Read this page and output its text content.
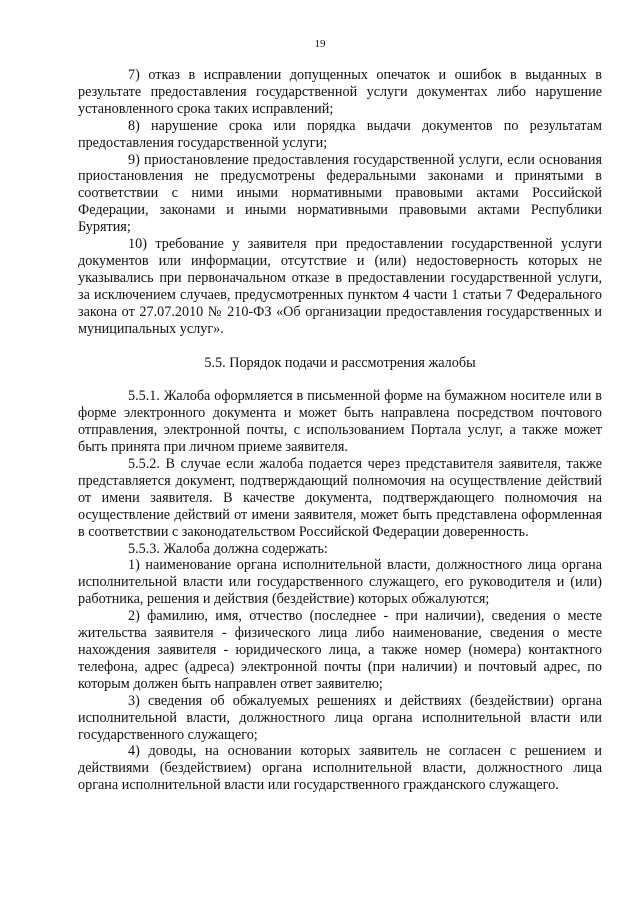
19

7) отказ в исправлении допущенных опечаток и ошибок в выданных в результате предоставления государственной услуги документах либо нарушение установленного срока таких исправлений;

8) нарушение срока или порядка выдачи документов по результатам предоставления государственной услуги;

9) приостановление предоставления государственной услуги, если основания приостановления не предусмотрены федеральными законами и принятыми в соответствии с ними иными нормативными правовыми актами Российской Федерации, законами и иными нормативными правовыми актами Республики Бурятия;

10) требование у заявителя при предоставлении государственной услуги документов или информации, отсутствие и (или) недостоверность которых не указывались при первоначальном отказе в предоставлении государственной услуги, за исключением случаев, предусмотренных пунктом 4 части 1 статьи 7 Федерального закона от 27.07.2010 № 210-ФЗ «Об организации предоставления государственных и муниципальных услуг».

5.5. Порядок подачи и рассмотрения жалобы

5.5.1. Жалоба оформляется в письменной форме на бумажном носителе или в форме электронного документа и может быть направлена посредством почтового отправления, электронной почты, с использованием Портала услуг, а также может быть принята при личном приеме заявителя.

5.5.2. В случае если жалоба подается через представителя заявителя, также представляется документ, подтверждающий полномочия на осуществление действий от имени заявителя. В качестве документа, подтверждающего полномочия на осуществление действий от имени заявителя, может быть представлена оформленная в соответствии с законодательством Российской Федерации доверенность.

5.5.3. Жалоба должна содержать:

1) наименование органа исполнительной власти, должностного лица органа исполнительной власти или государственного служащего, его руководителя и (или) работника, решения и действия (бездействие) которых обжалуются;

2) фамилию, имя, отчество (последнее - при наличии), сведения о месте жительства заявителя - физического лица либо наименование, сведения о месте нахождения заявителя - юридического лица, а также номер (номера) контактного телефона, адрес (адреса) электронной почты (при наличии) и почтовый адрес, по которым должен быть направлен ответ заявителю;

3) сведения об обжалуемых решениях и действиях (бездействии) органа исполнительной власти, должностного лица органа исполнительной власти или государственного служащего;

4) доводы, на основании которых заявитель не согласен с решением и действиями (бездействием) органа исполнительной власти, должностного лица органа исполнительной власти или государственного гражданского служащего.
